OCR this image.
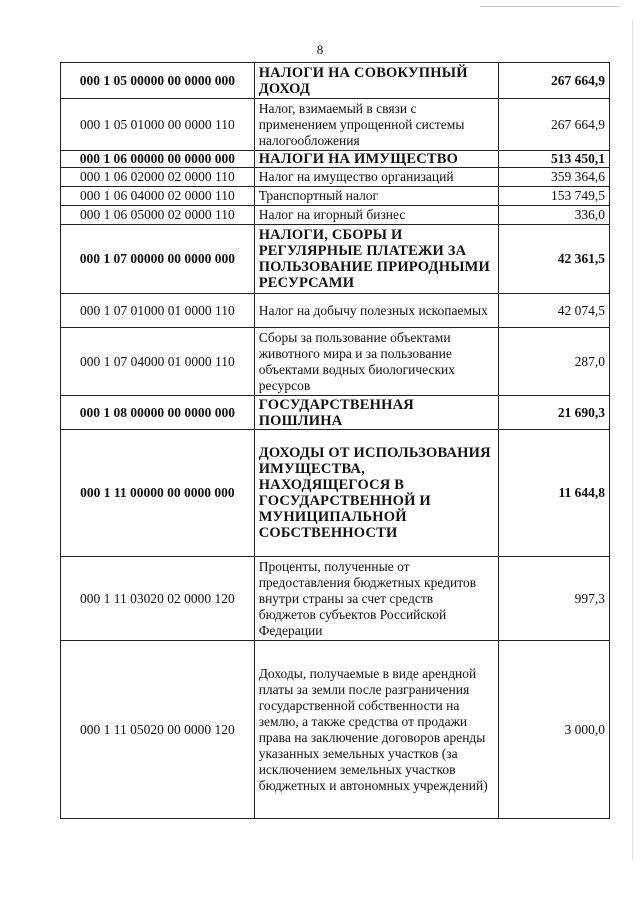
8
000 1 05 00000 00 0000 000	НАЛОГИ НА СОВОКУПНЫЙ ДОХОД	267 664,9
000 1 05 01000 00 0000 110	Налог, взимаемый в связи с применением упрощенной системы налогообложения	267 664,9
000 1 06 00000 00 0000 000	НАЛОГИ НА ИМУЩЕСТВО	513 450,1
000 1 06 02000 02 0000 110	Налог на имущество организаций	359 364,6
000 1 06 04000 02 0000 110	Транспортный налог	153 749,5
000 1 06 05000 02 0000 110	Налог на игорный бизнес	336,0
000 1 07 00000 00 0000 000	НАЛОГИ, СБОРЫ И РЕГУЛЯРНЫЕ ПЛАТЕЖИ ЗА ПОЛЬЗОВАНИЕ ПРИРОДНЫМИ РЕСУРСАМИ	42 361,5
000 1 07 01000 01 0000 110	Налог на добычу полезных ископаемых	42 074,5
000 1 07 04000 01 0000 110	Сборы за пользование объектами животного мира и за пользование объектами водных биологических ресурсов	287,0
000 1 08 00000 00 0000 000	ГОСУДАРСТВЕННАЯ ПОШЛИНА	21 690,3
000 1 11 00000 00 0000 000	ДОХОДЫ ОТ ИСПОЛЬЗОВАНИЯ ИМУЩЕСТВА, НАХОДЯЩЕГОСЯ В ГОСУДАРСТВЕННОЙ И МУНИЦИПАЛЬНОЙ СОБСТВЕННОСТИ	11 644,8
000 1 11 03020 02 0000 120	Проценты, полученные от предоставления бюджетных кредитов внутри страны за счет средств бюджетов субъектов Российской Федерации	997,3
000 1 11 05020 00 0000 120	Доходы, получаемые в виде арендной платы за земли после разграничения государственной собственности на землю, а также средства от продажи права на заключение договоров аренды указанных земельных участков (за исключением земельных участков бюджетных и автономных учреждений)	3 000,0
